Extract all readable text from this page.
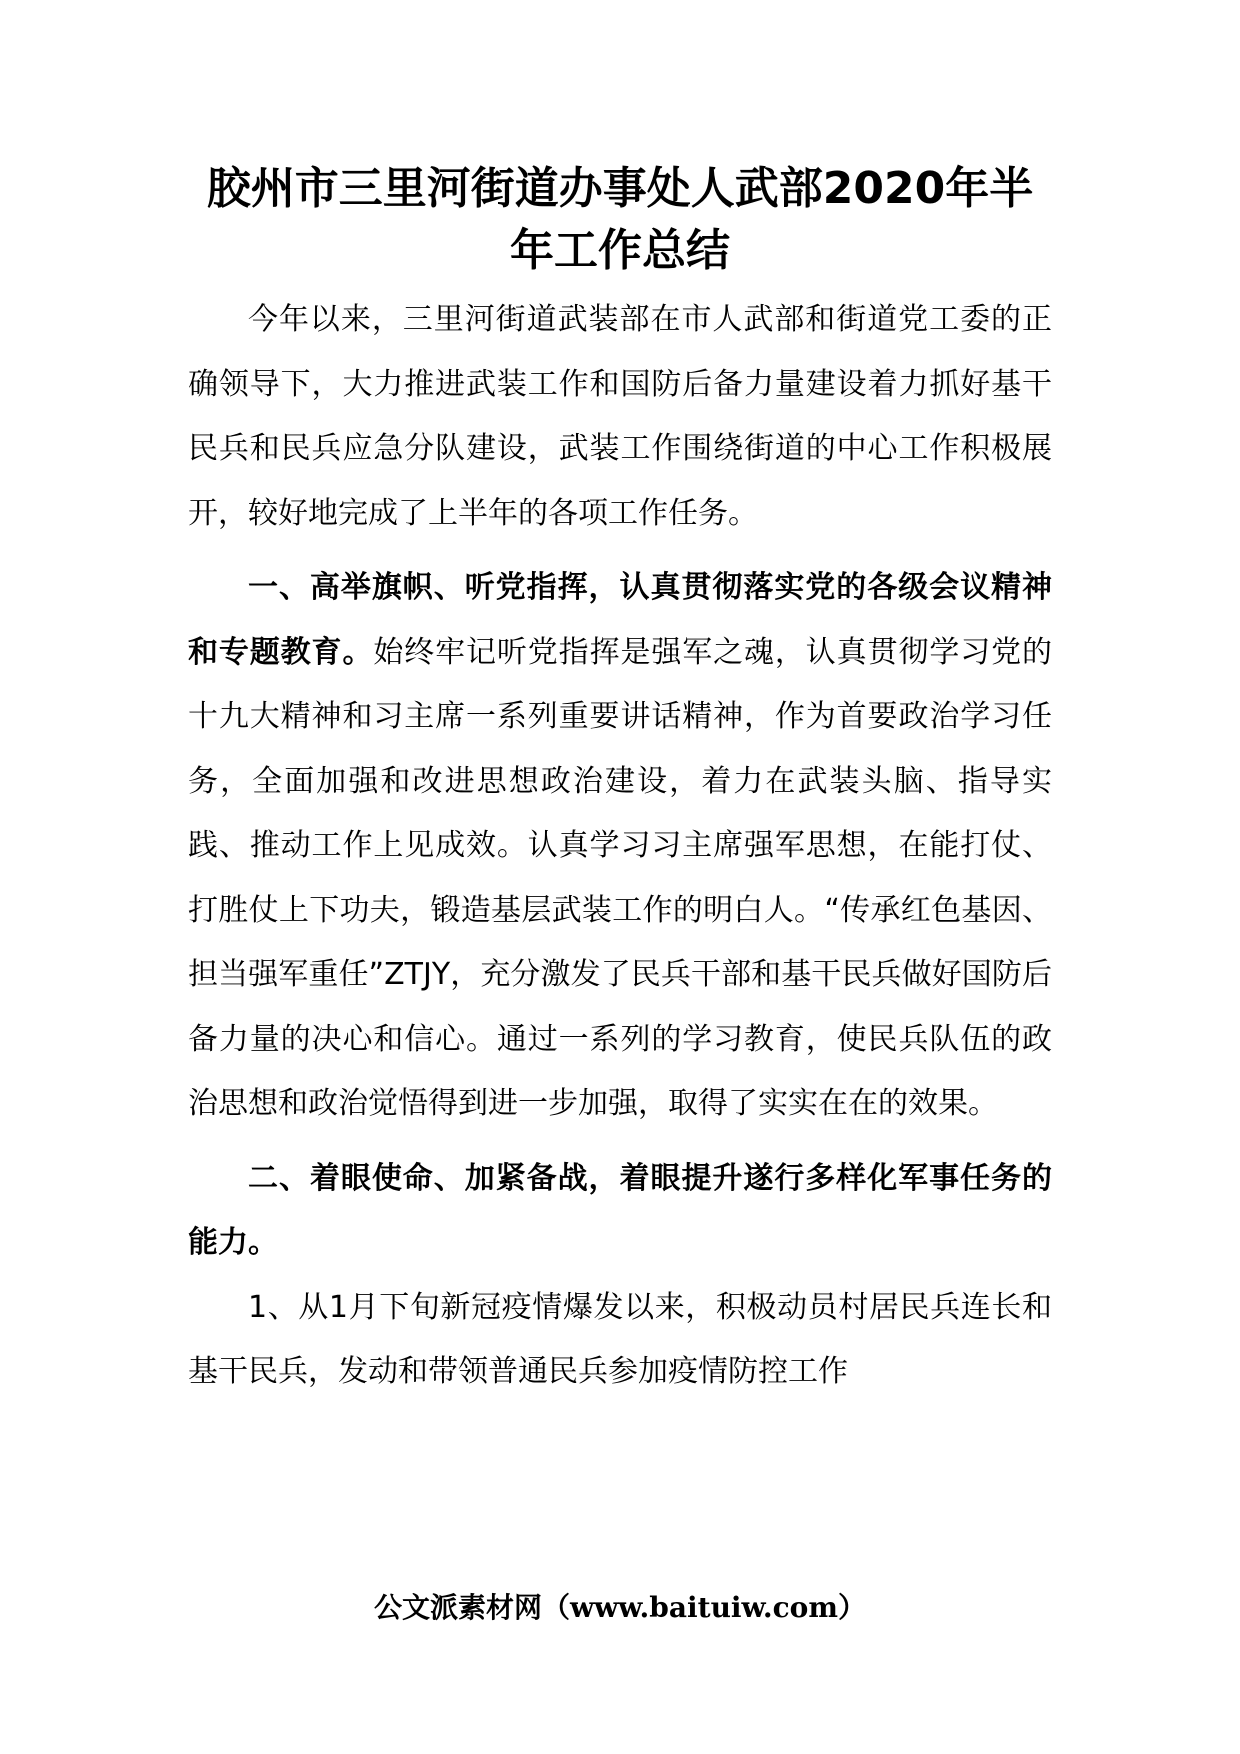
胶州市三里河街道办事处人武部2020年半
年工作总结

今年以来，三里河街道武装部在市人武部和街道党工委的正确领导下，大力推进武装工作和国防后备力量建设着力抓好基干民兵和民兵应急分队建设，武装工作围绕街道的中心工作积极展开，较好地完成了上半年的各项工作任务。

一、高举旗帜、听党指挥，认真贯彻落实党的各级会议精神和专题教育。始终牢记听党指挥是强军之魂，认真贯彻学习党的十九大精神和习主席一系列重要讲话精神，作为首要政治学习任务，全面加强和改进思想政治建设，着力在武装头脑、指导实践、推动工作上见成效。认真学习习主席强军思想，在能打仗、打胜仗上下功夫，锻造基层武装工作的明白人。“传承红色基因、担当强军重任”ZTJY，充分激发了民兵干部和基干民兵做好国防后备力量的决心和信心。通过一系列的学习教育，使民兵队伍的政治思想和政治觉悟得到进一步加强，取得了实实在在的效果。

二、着眼使命、加紧备战，着眼提升遂行多样化军事任务的能力。

1、从1月下旬新冠疫情爆发以来，积极动员村居民兵连长和基干民兵，发动和带领普通民兵参加疫情防控工作

公文派素材网（www.baituiw.com）
